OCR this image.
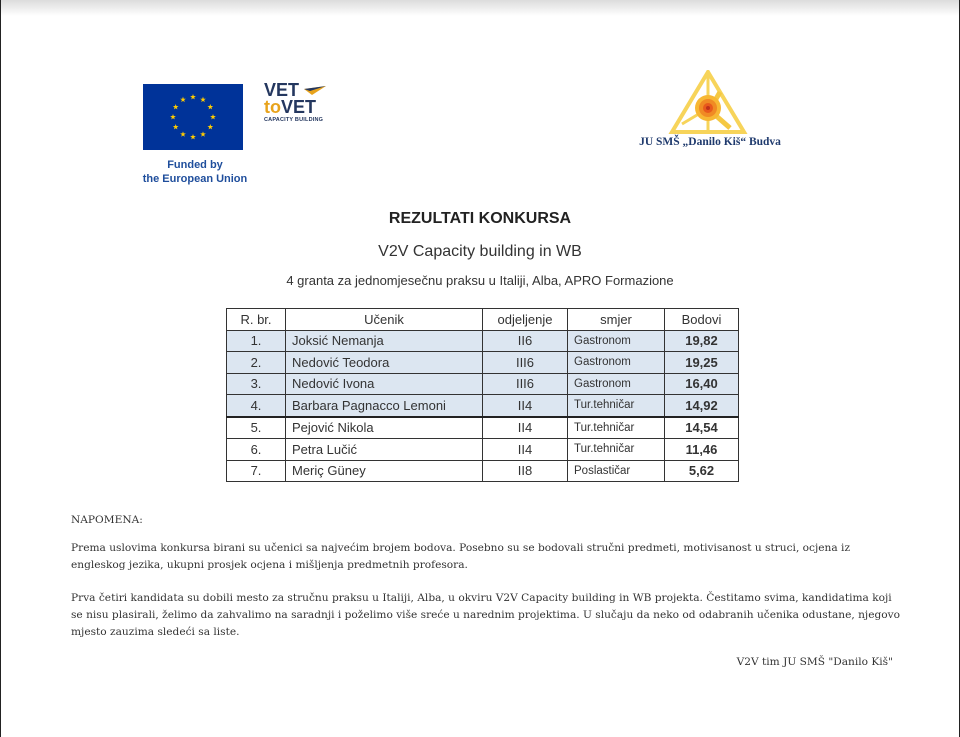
Funded by
the European Union
VET
toVET
CAPACITY BUILDING
JU SMŠ „Danilo Kiš“ Budva
REZULTATI KONKURSA
V2V Capacity building in WB
4 granta za jednomjesečnu praksu u Italiji, Alba, APRO Formazione
R. br.	Učenik	odjeljenje	smjer	Bodovi
1.	Joksić Nemanja	II6	Gastronom	19,82
2.	Nedović Teodora	III6	Gastronom	19,25
3.	Nedović Ivona	III6	Gastronom	16,40
4.	Barbara Pagnacco Lemoni	II4	Tur.tehničar	14,92
5.	Pejović Nikola	II4	Tur.tehničar	14,54
6.	Petra Lučić	II4	Tur.tehničar	11,46
7.	Meriç Güney	II8	Poslastičar	5,62
NAPOMENA:
Prema uslovima konkursa birani su učenici sa najvećim brojem bodova. Posebno su se bodovali stručni predmeti, motivisanost u struci, ocjena iz engleskog jezika, ukupni prosjek ocjena i mišljenja predmetnih profesora.
Prva četiri kandidata su dobili mesto za stručnu praksu u Italiji, Alba, u okviru V2V Capacity building in WB projekta. Čestitamo svima, kandidatima koji se nisu plasirali, želimo da zahvalimo na saradnji i poželimo više sreće u narednim projektima. U slučaju da neko od odabranih učenika odustane, njegovo mjesto zauzima sledeći sa liste.
V2V tim JU SMŠ "Danilo Kiš"
